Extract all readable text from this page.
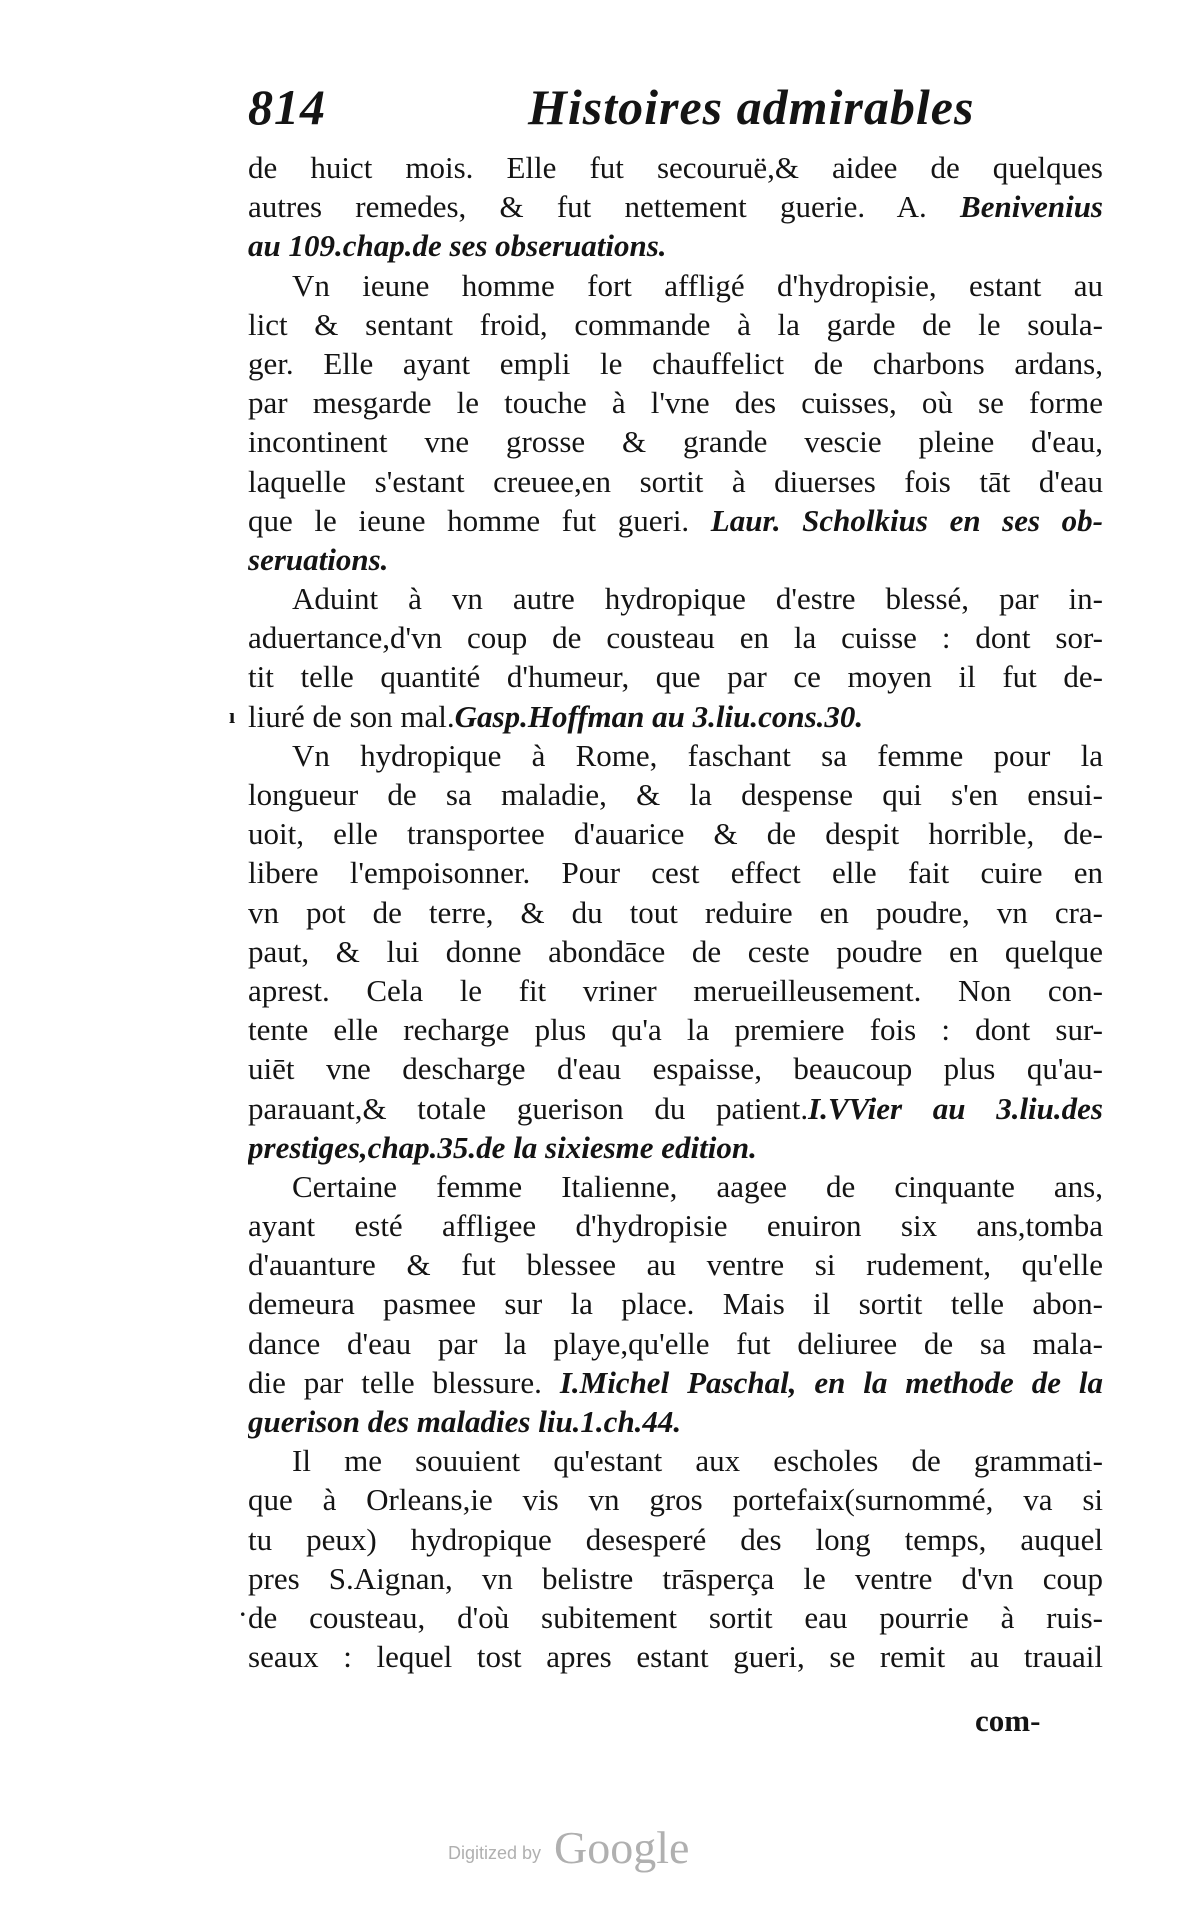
814	Histoires admirables
ı
.
de huict mois. Elle fut secouruë,& aidee de quelques
autres remedes, & fut nettement guerie. A. Benivenius
au 109.chap.de ses obseruations.
Vn ieune homme fort affligé d'hydropisie, estant au
lict & sentant froid, commande à la garde de le soula-
ger. Elle ayant empli le chauffelict de charbons ardans,
par mesgarde le touche à l'vne des cuisses, où se forme
incontinent vne grosse & grande vescie pleine d'eau,
laquelle s'estant creuee,en sortit à diuerses fois tāt d'eau
que le ieune homme fut gueri. Laur. Scholkius en ses ob-
seruations.
Aduint à vn autre hydropique d'estre blessé, par in-
aduertance,d'vn coup de cousteau en la cuisse : dont sor-
tit telle quantité d'humeur, que par ce moyen il fut de-
liuré de son mal.Gasp.Hoffman au 3.liu.cons.30.
Vn hydropique à Rome, faschant sa femme pour la
longueur de sa maladie, & la despense qui s'en ensui-
uoit, elle transportee d'auarice & de despit horrible, de-
libere l'empoisonner. Pour cest effect elle fait cuire en
vn pot de terre, & du tout reduire en poudre, vn cra-
paut, & lui donne abondāce de ceste poudre en quelque
aprest. Cela le fit vriner merueilleusement. Non con-
tente elle recharge plus qu'a la premiere fois : dont sur-
uiēt vne descharge d'eau espaisse, beaucoup plus qu'au-
parauant,& totale guerison du patient.I.VVier au 3.liu.des
prestiges,chap.35.de la sixiesme edition.
Certaine femme Italienne, aagee de cinquante ans,
ayant esté affligee d'hydropisie enuiron six ans,tomba
d'auanture & fut blessee au ventre si rudement, qu'elle
demeura pasmee sur la place. Mais il sortit telle abon-
dance d'eau par la playe,qu'elle fut deliuree de sa mala-
die par telle blessure. I.Michel Paschal, en la methode de la
guerison des maladies liu.1.ch.44.
Il me souuient qu'estant aux escholes de grammati-
que à Orleans,ie vis vn gros portefaix(surnommé, va si
tu peux) hydropique desesperé des long temps, auquel
pres S.Aignan, vn belistre trāsperça le ventre d'vn coup
de cousteau, d'où subitement sortit eau pourrie à ruis-
seaux : lequel tost apres estant gueri, se remit au trauail
com-
Digitized by Google
